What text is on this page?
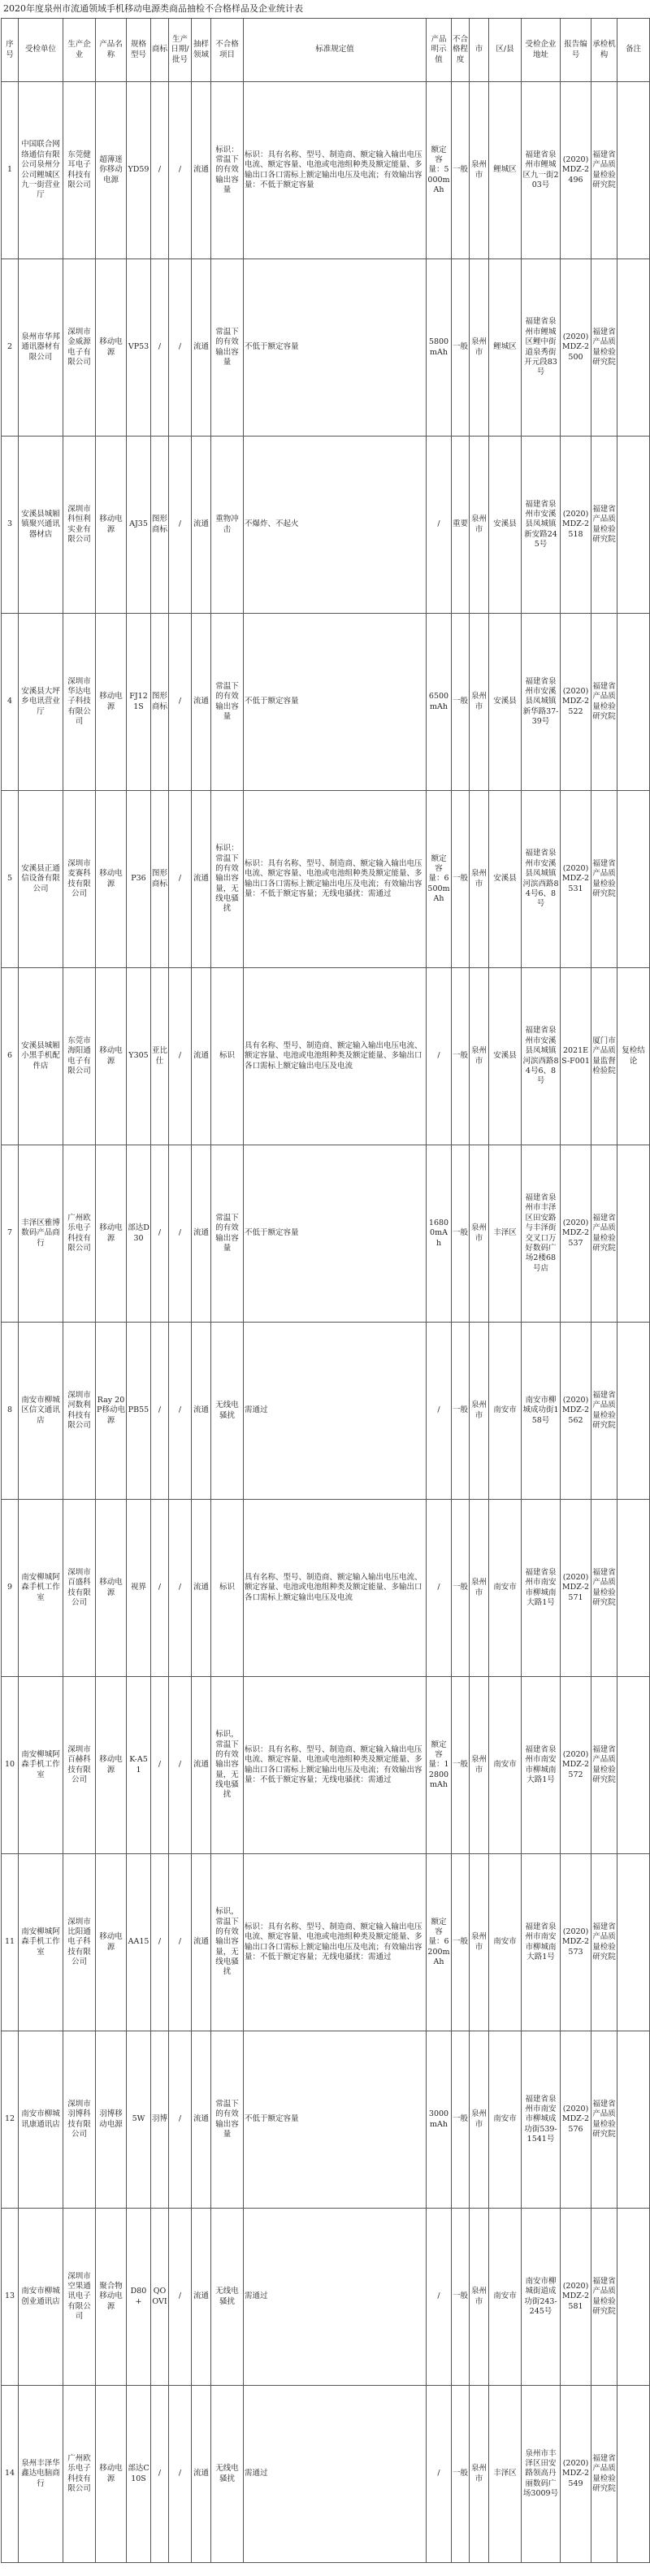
2020年度泉州市流通领域手机移动电源类商品抽检不合格样品及企业统计表
序号	受检单位	生产企业	产品名称	规格型号	商标	生产日期/批号	抽样领域	不合格项目	标准规定值	产品明示值	不合格程度	市	区/县	受检企业地址	报告编号	承检机构	备注
1	中国联合网络通信有限公司泉州分公司鲤城区九一街营业厅	东莞健耳电子科技有限公司	超薄迷你移动电源	YD59	/	/	流通	标识：常温下的有效输出容量	标识：具有名称、型号、制造商、额定输入输出电压电流、额定容量、电池或电池组种类及额定能量、多输出口各口需标上额定输出电压及电流；有效输出容量：不低于额定容量	额定容量：5000mAh	一般	泉州市	鲤城区	福建省泉州市鲤城区九一街203号	(2020)MDZ-2496	福建省产品质量检验研究院	
2	泉州市华邦通讯器材有限公司	深圳市金威源电子有限公司	移动电源	VP53	/	/	流通	常温下的有效输出容量	不低于额定容量	5800mAh	一般	泉州市	鲤城区	福建省泉州市鲤城区鲤中街道泉秀街开元段83号	(2020)MDZ-2500	福建省产品质量检验研究院	
3	安溪县城厢镇聚兴通讯器材店	深圳市科恒利实业有限公司	移动电源	AJ35	图形商标	/	流通	重物冲击	不爆炸、不起火	/	重要	泉州市	安溪县	福建省泉州市安溪县凤城镇新安路245号	(2020)MDZ-2518	福建省产品质量检验研究院	
4	安溪县大坪乡电讯营业厅	深圳市华达电子科技有限公司	移动电源	FJ121S	图形商标	/	流通	常温下的有效输出容量	不低于额定容量	6500mAh	一般	泉州市	安溪县	福建省泉州市安溪县凤城镇新华路37-39号	(2020)MDZ-2522	福建省产品质量检验研究院	
5	安溪县正通信设备有限公司	深圳市麦赛科技有限公司	移动电源	P36	图形商标	/	流通	标识：常温下的有效输出容量，无线电骚扰	标识：具有名称、型号、制造商、额定输入输出电压电流、额定容量、电池或电池组种类及额定能量、多输出口各口需标上额定输出电压及电流；有效输出容量：不低于额定容量；无线电骚扰：需通过	额定容量：6500mAh	一般	泉州市	安溪县	福建省泉州市安溪县凤城镇河滨西路84号6、8号	(2020)MDZ-2531	福建省产品质量检验研究院	
6	安溪县城厢小黑手机配件店	东莞市海阳通电子有限公司	移动电源	Y305	亚比仕	/	流通	标识	具有名称、型号、制造商、额定输入输出电压电流、额定容量、电池或电池组种类及额定能量、多输出口各口需标上额定输出电压及电流	/	一般	泉州市	安溪县	福建省泉州市安溪县凤城镇河滨西路84号6、8号	2021ES-F001	厦门市产品质量监督检验院	复检结论
7	丰泽区雅博数码产品商行	广州欧乐电子科技有限公司	移动电源	部达D30	/	/	流通	常温下的有效输出容量	不低于额定容量	16800mAh	一般	泉州市	丰泽区	福建省泉州市丰泽区田安路与丰泽街交叉口万好数码广场2楼68号店	(2020)MDZ-2537	福建省产品质量检验研究院	
8	南安市柳城区信文通讯店	深圳市河数利科技有限公司	Ray 20P移动电源	PB55	/	/	流通	无线电骚扰	需通过	/	一般	泉州市	南安市	南安市柳城成功街158号	(2020)MDZ-2562	福建省产品质量检验研究院	
9	南安柳城阿森手机工作室	深圳市百盛科技有限公司	移动电源	视界	/	/	流通	标识	具有名称、型号、制造商、额定输入输出电压电流、额定容量、电池或电池组种类及额定能量、多输出口各口需标上额定输出电压及电流	/	一般	泉州市	南安市	福建省泉州市南安市柳城南大路1号	(2020)MDZ-2571	福建省产品质量检验研究院	
10	南安柳城阿森手机工作室	深圳市百赫科技有限公司	移动电源	K-A51	/	/	流通	标识，常温下的有效输出容量，无线电骚扰	标识：具有名称、型号、制造商、额定输入输出电压电流、额定容量、电池或电池组种类及额定能量、多输出口各口需标上额定输出电压及电流；有效输出容量：不低于额定容量；无线电骚扰：需通过	额定容量：12800mAh	一般	泉州市	南安市	福建省泉州市南安市柳城南大路1号	(2020)MDZ-2572	福建省产品质量检验研究院	
11	南安柳城阿森手机工作室	深圳市比阳通电子科技有限公司	移动电源	AA15	/	/	流通	标识，常温下的有效输出容量，无线电骚扰	标识：具有名称、型号、制造商、额定输入输出电压电流、额定容量、电池或电池组种类及额定能量、多输出口各口需标上额定输出电压及电流；有效输出容量：不低于额定容量；无线电骚扰：需通过	额定容量：6200mAh	一般	泉州市	南安市	福建省泉州市南安市柳城南大路1号	(2020)MDZ-2573	福建省产品质量检验研究院	
12	南安市柳城讯康通讯店	深圳市羽博科技有限公司	羽博移动电源	5W	羽博	/	流通	常温下的有效输出容量	不低于额定容量	3000mAh	一般	泉州市	南安市	福建省泉州市南安市柳城成功街539-1541号	(2020)MDZ-2576	福建省产品质量检验研究院	
13	南安市柳城创业通讯店	深圳市空果通讯电子有限公司	聚合物移动电源	D80+	QOOVI	/	流通	无线电骚扰	需通过	/	一般	泉州市	南安市	南安市柳城街道成功街243-245号	(2020)MDZ-2581	福建省产品质量检验研究院	
14	泉州丰泽华鑫达电脑商行	广州欧乐电子科技有限公司	移动电源	部达C10S	/	/	流通	无线电骚扰	需通过	/	一般	泉州市	丰泽区	泉州市丰泽区田安路领高丹丽数码广场3009号	(2020)MDZ-2549	福建省产品质量检验研究院	
